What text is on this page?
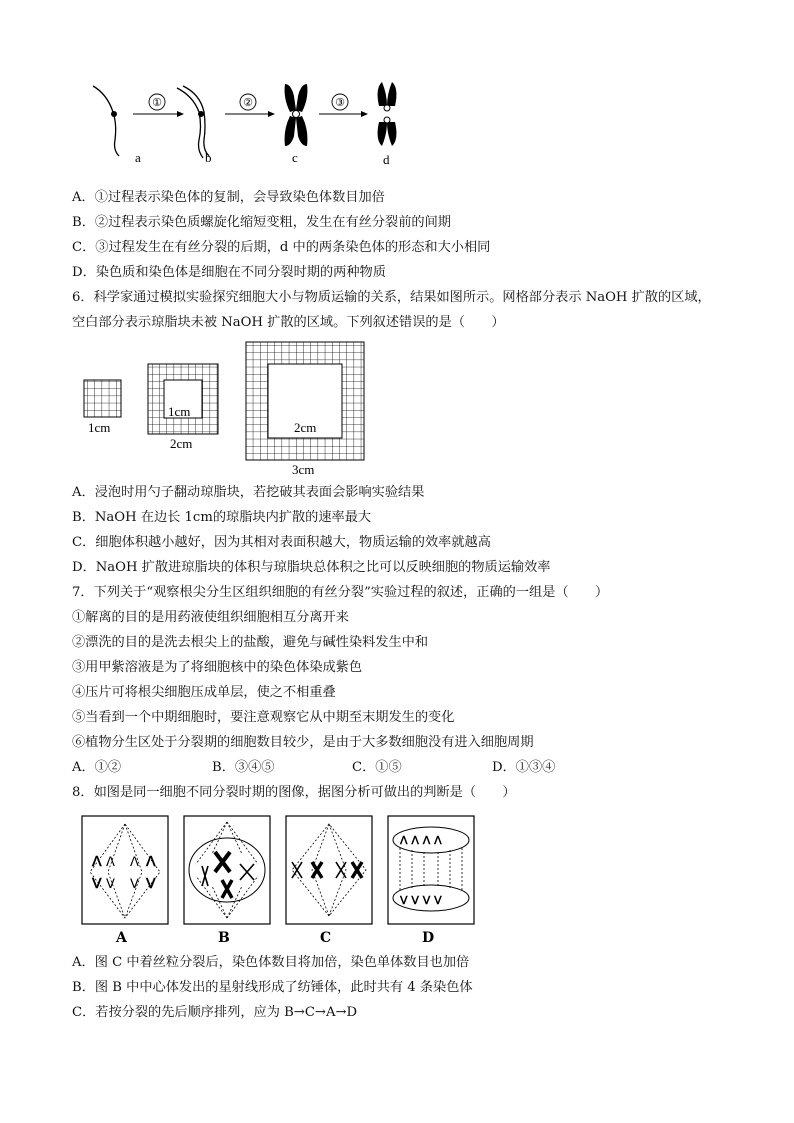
①	②	③
a	b	c	d
A．①过程表示染色体的复制，会导致染色体数目加倍
B．②过程表示染色质螺旋化缩短变粗，发生在有丝分裂前的间期
C．③过程发生在有丝分裂的后期，d 中的两条染色体的形态和大小相同
D．染色质和染色体是细胞在不同分裂时期的两种物质
6．科学家通过模拟实验探究细胞大小与物质运输的关系，结果如图所示。网格部分表示 NaOH 扩散的区域，
空白部分表示琼脂块未被 NaOH 扩散的区域。下列叙述错误的是（　　）
1cm
1cm
2cm
2cm
3cm
A．浸泡时用勺子翻动琼脂块，若挖破其表面会影响实验结果
B．NaOH 在边长 1cm的琼脂块内扩散的速率最大
C．细胞体积越小越好，因为其相对表面积越大，物质运输的效率就越高
D．NaOH 扩散进琼脂块的体积与琼脂块总体积之比可以反映细胞的物质运输效率
7．下列关于“观察根尖分生区组织细胞的有丝分裂”实验过程的叙述，正确的一组是（　　）
①解离的目的是用药液使组织细胞相互分离开来
②漂洗的目的是洗去根尖上的盐酸，避免与碱性染料发生中和
③用甲紫溶液是为了将细胞核中的染色体染成紫色
④压片可将根尖细胞压成单层，使之不相重叠
⑤当看到一个中期细胞时，要注意观察它从中期至末期发生的变化
⑥植物分生区处于分裂期的细胞数目较少，是由于大多数细胞没有进入细胞周期
A．①②	B．③④⑤	C．①⑤	D．①③④
8．如图是同一细胞不同分裂时期的图像，据图分析可做出的判断是（　　）
ᐱ ᐱ ᐱ ᐱ
ᐯ ᐯ ᐯ ᐯ
ᐱ ᐱ ᐱ ᐱ
ᐯ ᐯ ᐯ ᐯ
A	B	C	D
A．图 C 中着丝粒分裂后，染色体数目将加倍，染色单体数目也加倍
B．图 B 中中心体发出的星射线形成了纺锤体，此时共有 4 条染色体
C．若按分裂的先后顺序排列，应为 B→C→A→D
